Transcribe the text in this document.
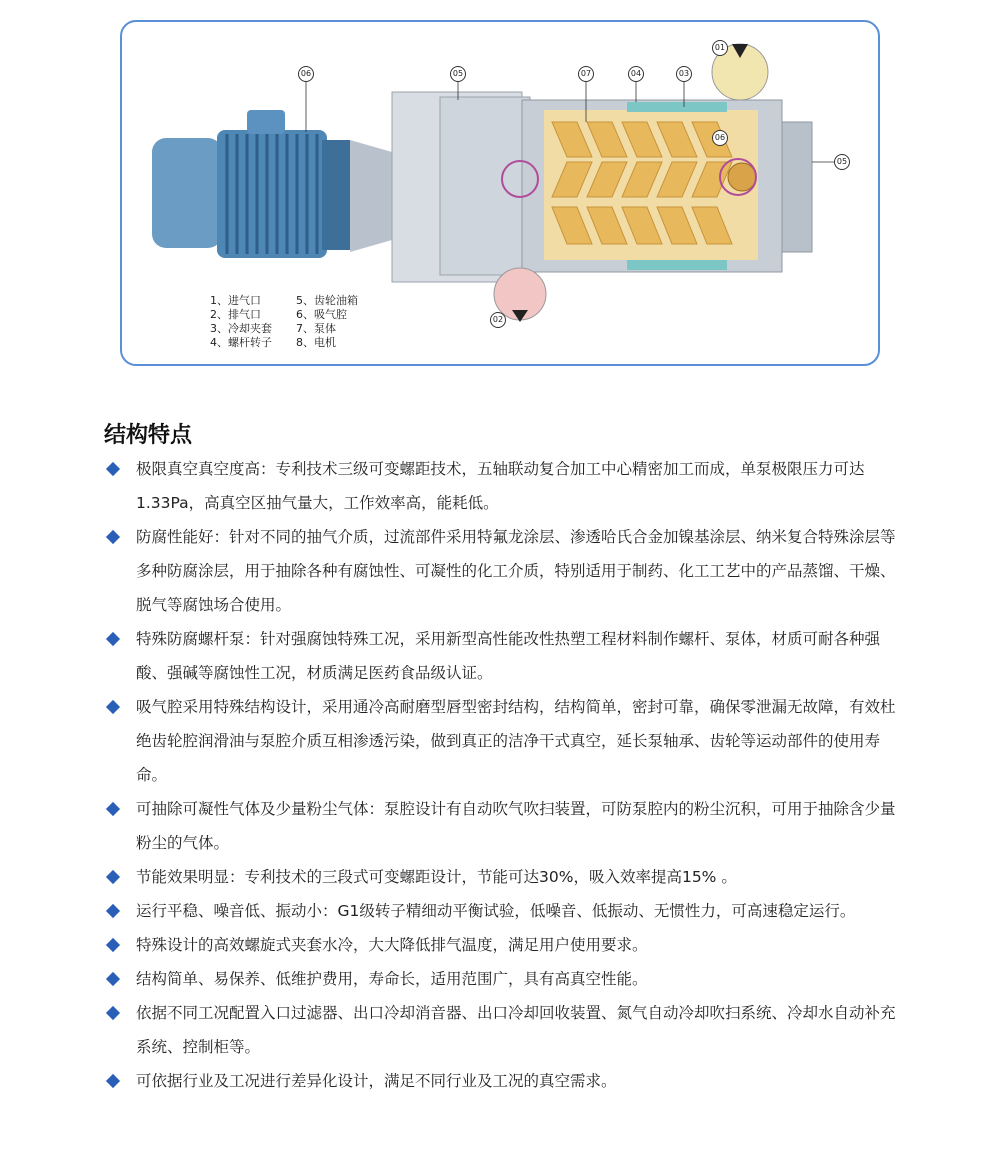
06	05	07	04	03
01
06
05
02
1、进气口	5、齿轮油箱
2、排气口	6、吸气腔
3、冷却夹套	7、泵体
4、螺杆转子	8、电机
结构特点
极限真空真空度高：专利技术三级可变螺距技术，五轴联动复合加工中心精密加工而成，单泵极限压力可达1.33Pa，高真空区抽气量大，工作效率高，能耗低。
防腐性能好：针对不同的抽气介质，过流部件采用特氟龙涂层、渗透哈氏合金加镍基涂层、纳米复合特殊涂层等多种防腐涂层，用于抽除各种有腐蚀性、可凝性的化工介质，特别适用于制药、化工工艺中的产品蒸馏、干燥、脱气等腐蚀场合使用。
特殊防腐螺杆泵：针对强腐蚀特殊工况，采用新型高性能改性热塑工程材料制作螺杆、泵体，材质可耐各种强酸、强碱等腐蚀性工况，材质满足医药食品级认证。
吸气腔采用特殊结构设计，采用通冷高耐磨型唇型密封结构，结构简单，密封可靠，确保零泄漏无故障，有效杜绝齿轮腔润滑油与泵腔介质互相渗透污染，做到真正的洁净干式真空，延长泵轴承、齿轮等运动部件的使用寿命。
可抽除可凝性气体及少量粉尘气体：泵腔设计有自动吹气吹扫装置，可防泵腔内的粉尘沉积，可用于抽除含少量粉尘的气体。
节能效果明显：专利技术的三段式可变螺距设计，节能可达30%，吸入效率提高15% 。
运行平稳、噪音低、振动小：G1级转子精细动平衡试验，低噪音、低振动、无惯性力，可高速稳定运行。
特殊设计的高效螺旋式夹套水冷，大大降低排气温度，满足用户使用要求。
结构简单、易保养、低维护费用，寿命长，适用范围广，具有高真空性能。
依据不同工况配置入口过滤器、出口冷却消音器、出口冷却回收装置、氮气自动冷却吹扫系统、冷却水自动补充系统、控制柜等。
可依据行业及工况进行差异化设计，满足不同行业及工况的真空需求。
